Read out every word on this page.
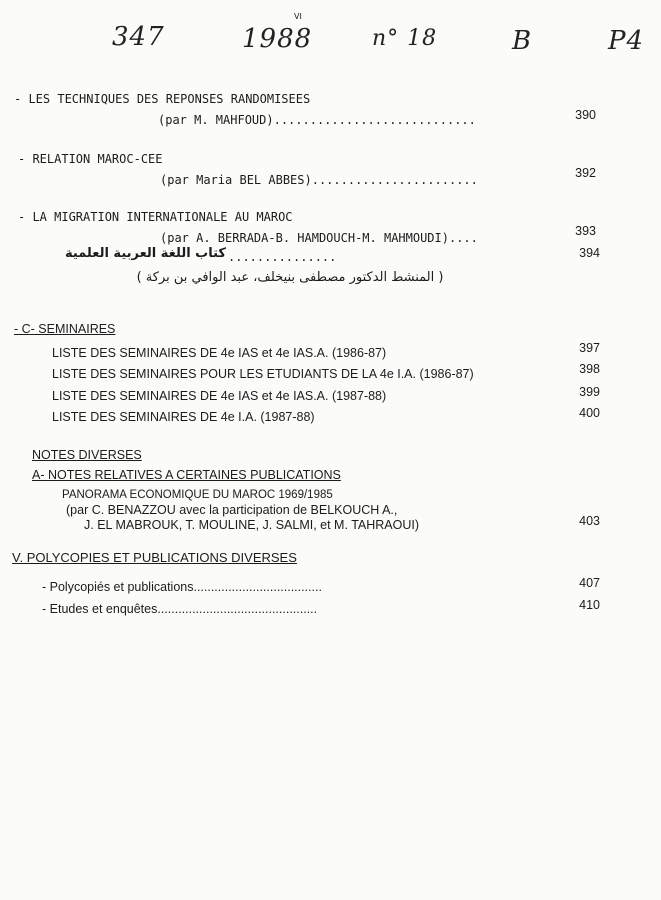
347	1988
VI
n° 18	B	P4
- LES TECHNIQUES DES REPONSES RANDOMISEES
(par M. MAHFOUD)............................	390
- RELATION MAROC-CEE
(par Maria BEL ABBES).......................	392
- LA MIGRATION INTERNATIONALE AU MAROC
(par A. BERRADA-B. HAMDOUCH-M. MAHMOUDI)....	393
...............
كتاب اللغة العربية العلمية	394
( المنشط الدكتور مصطفى بنيخلف، عبد الوافي بن بركة )
- C- SEMINAIRES
LISTE DES SEMINAIRES DE 4e IAS et 4e IAS.A. (1986-87)	397
LISTE DES SEMINAIRES POUR LES ETUDIANTS DE LA 4e I.A. (1986-87)	398
LISTE DES SEMINAIRES DE 4e IAS et 4e IAS.A. (1987-88)	399
LISTE DES SEMINAIRES DE 4e I.A. (1987-88)	400
NOTES DIVERSES
A- NOTES RELATIVES A CERTAINES PUBLICATIONS
PANORAMA ECONOMIQUE DU MAROC 1969/1985
(par C. BENAZZOU avec la participation de BELKOUCH A.,
J. EL MABROUK, T. MOULINE, J. SALMI, et M. TAHRAOUI)	403
V. POLYCOPIES ET PUBLICATIONS DIVERSES
- Polycopiés et publications.....................................	407
- Etudes et enquêtes..............................................	410
